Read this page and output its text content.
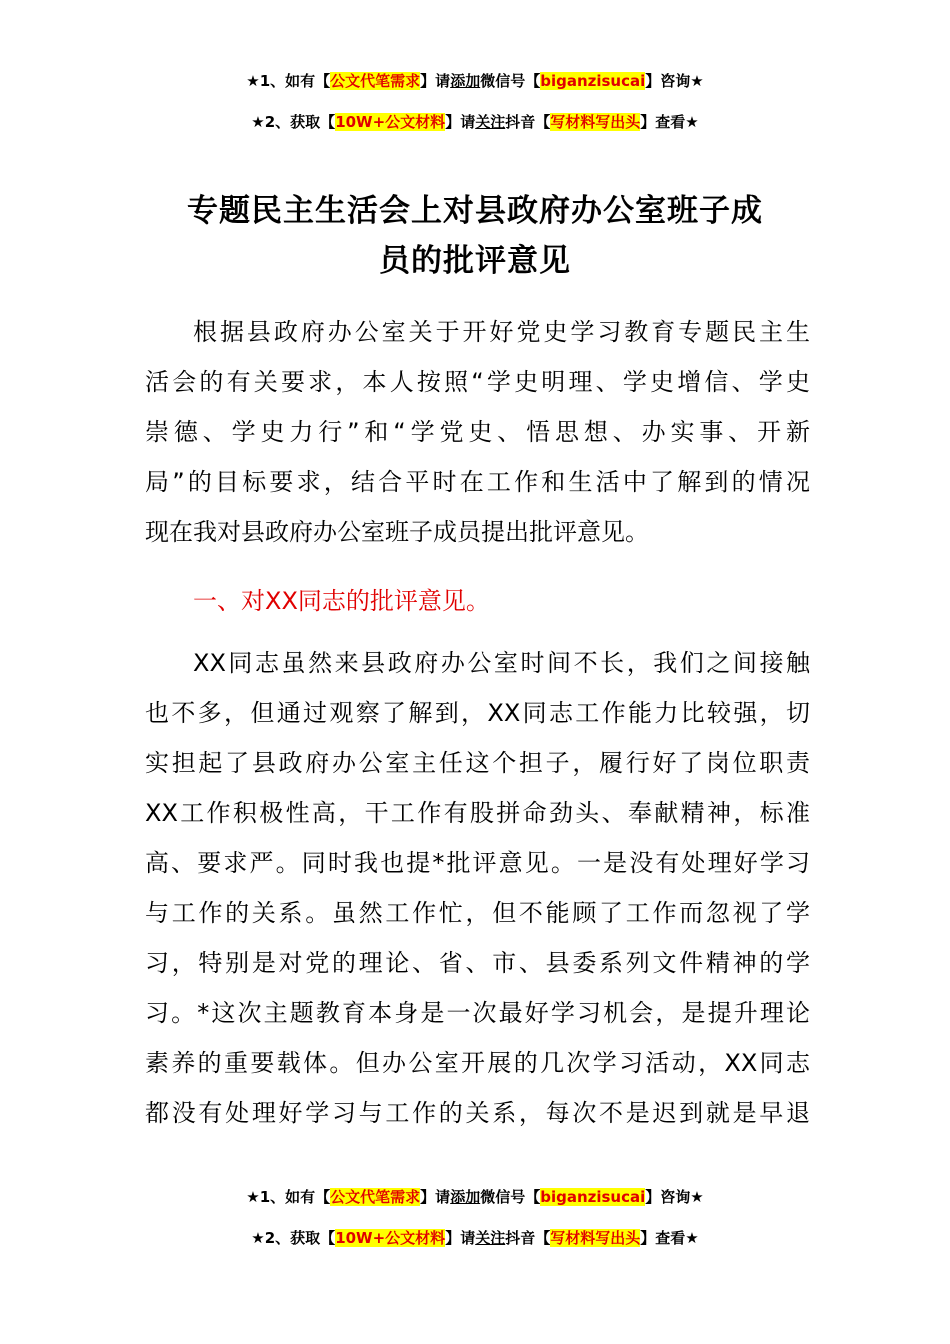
★1、如有【公文代笔需求】请添加微信号【biganzisucai】咨询★
★2、获取【10W+公文材料】请关注抖音【写材料写出头】查看★
专题民主生活会上对县政府办公室班子成
员的批评意见
根据县政府办公室关于开好党史学习教育专题民主生
活会的有关要求，本人按照“学史明理、学史增信、学史
崇德、学史力行”和“学党史、悟思想、办实事、开新
局”的目标要求，结合平时在工作和生活中了解到的情况
现在我对县政府办公室班子成员提出批评意见。
一、对XX同志的批评意见。
XX同志虽然来县政府办公室时间不长，我们之间接触
也不多，但通过观察了解到，XX同志工作能力比较强，切
实担起了县政府办公室主任这个担子，履行好了岗位职责
XX工作积极性高，干工作有股拼命劲头、奉献精神，标准
高、要求严。同时我也提*批评意见。一是没有处理好学习
与工作的关系。虽然工作忙，但不能顾了工作而忽视了学
习，特别是对党的理论、省、市、县委系列文件精神的学
习。*这次主题教育本身是一次最好学习机会，是提升理论
素养的重要载体。但办公室开展的几次学习活动，XX同志
都没有处理好学习与工作的关系，每次不是迟到就是早退
★1、如有【公文代笔需求】请添加微信号【biganzisucai】咨询★
★2、获取【10W+公文材料】请关注抖音【写材料写出头】查看★
